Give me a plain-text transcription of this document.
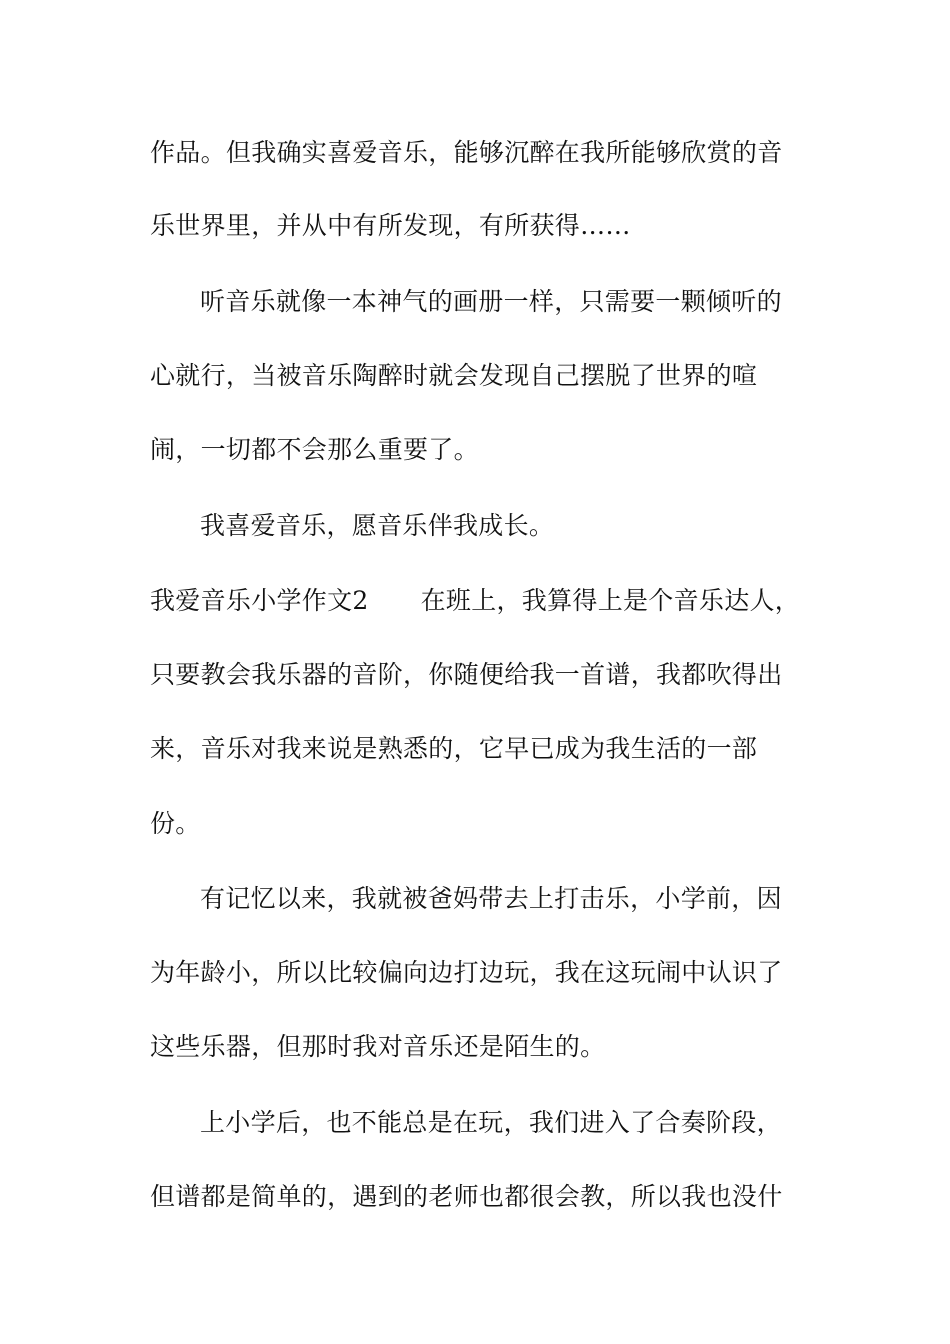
作品。但我确实喜爱音乐，能够沉醉在我所能够欣赏的音
乐世界里，并从中有所发现，有所获得……
听音乐就像一本神气的画册一样，只需要一颗倾听的
心就行，当被音乐陶醉时就会发现自己摆脱了世界的喧
闹，一切都不会那么重要了。
我喜爱音乐，愿音乐伴我成长。
我爱音乐小学作文2 在班上，我算得上是个音乐达人，
只要教会我乐器的音阶，你随便给我一首谱，我都吹得出
来，音乐对我来说是熟悉的，它早已成为我生活的一部
份。
有记忆以来，我就被爸妈带去上打击乐，小学前，因
为年龄小，所以比较偏向边打边玩，我在这玩闹中认识了
这些乐器，但那时我对音乐还是陌生的。
上小学后，也不能总是在玩，我们进入了合奏阶段，
但谱都是简单的，遇到的老师也都很会教，所以我也没什
